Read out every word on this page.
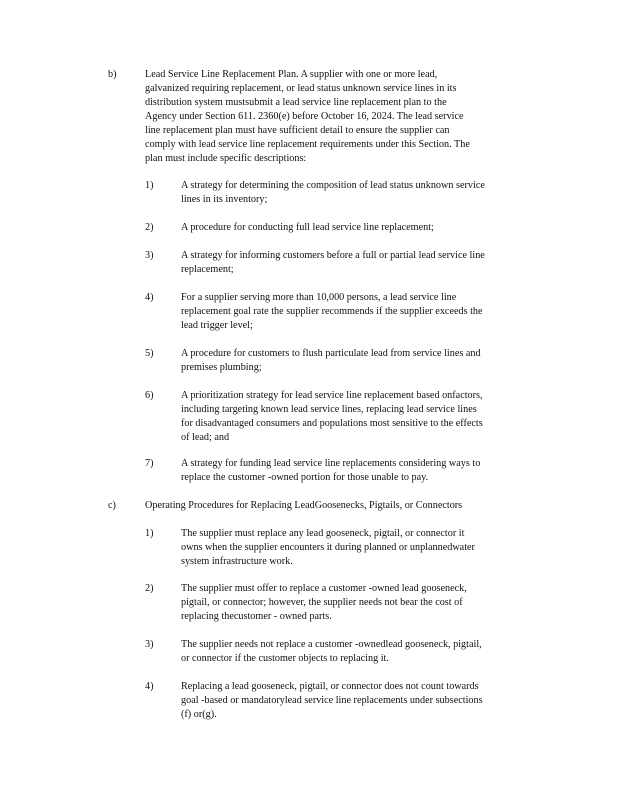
b)	Lead Service Line Replacement Plan. A supplier with one or more lead,
galvanized requiring replacement, or lead status unknown service lines in its
distribution system mustsubmit a lead service line replacement plan to the
Agency under Section 611. 2360(e) before October 16, 2024. The lead service
line replacement plan must have sufficient detail to ensure the supplier can
comply with lead service line replacement requirements under this Section. The
plan must include specific descriptions:
1)	A strategy for determining the composition of lead status unknown service
lines in its inventory;
2)	A procedure for conducting full lead service line replacement;
3)	A strategy for informing customers before a full or partial lead service line
replacement;
4)	For a supplier serving more than 10,000 persons, a lead service line
replacement goal rate the supplier recommends if the supplier exceeds the
lead trigger level;
5)	A procedure for customers to flush particulate lead from service lines and
premises plumbing;
6)	A prioritization strategy for lead service line replacement based onfactors,
including targeting known lead service lines, replacing lead service lines
for disadvantaged consumers and populations most sensitive to the effects
of lead; and
7)	A strategy for funding lead service line replacements considering ways to
replace the customer -owned portion for those unable to pay.
c)	Operating Procedures for Replacing LeadGoosenecks, Pigtails, or Connectors
1)	The supplier must replace any lead gooseneck, pigtail, or connector it
owns when the supplier encounters it during planned or unplannedwater
system infrastructure work.
2)	The supplier must offer to replace a customer -owned lead gooseneck,
pigtail, or connector; however, the supplier needs not bear the cost of
replacing thecustomer - owned parts.
3)	The supplier needs not replace a customer -ownedlead gooseneck, pigtail,
or connector if the customer objects to replacing it.
4)	Replacing a lead gooseneck, pigtail, or connector does not count towards
goal -based or mandatorylead service line replacements under subsections
(f) or(g).
